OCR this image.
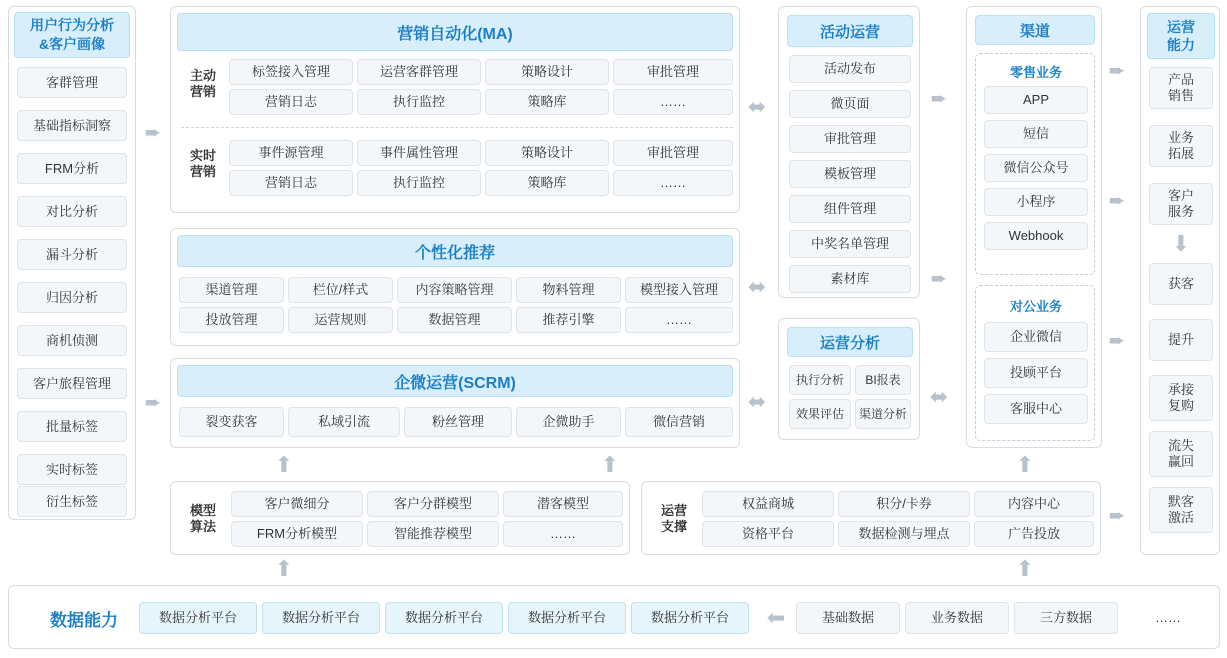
用户行为分析
&客户画像
客群管理
基础指标洞察
FRM分析
对比分析
漏斗分析
归因分析
商机侦测
客户旅程管理
批量标签
实时标签
衍生标签
➨
➨
营销自动化(MA)
主动
营销
标签接入管理	运营客群管理	策略设计	审批管理
营销日志	执行监控	策略库	……
实时
营销
事件源管理	事件属性管理	策略设计	审批管理
营销日志	执行监控	策略库	……
个性化推荐
渠道管理	栏位/样式	内容策略管理	物料管理	模型接入管理
投放管理	运营规则	数据管理	推荐引擎	……
企微运营(SCRM)
裂变获客	私域引流	粉丝管理	企微助手	微信营销
模型
算法
客户微细分	客户分群模型	潜客模型
FRM分析模型	智能推荐模型	……
运营
支撑
权益商城	积分/卡券	内容中心
资格平台	数据检测与埋点	广告投放
⬆	⬆
⬆
⬆
⬆
⬌
⬌
⬌
活动运营
活动发布
微页面
审批管理
模板管理
组件管理
中奖名单管理
素材库
运营分析
执行分析 BI报表
效果评估 渠道分析
➨
➨
⬌
渠道
零售业务
APP
短信
微信公众号
小程序
Webhook
对公业务
企业微信
投顾平台
客服中心
➨
➨
➨
➨
运营
能力
产品
销售
业务
拓展
客户
服务
⬇
获客
提升
承接
复购
流失
赢回
默客
激活
数据能力	数据分析平台	数据分析平台	数据分析平台	数据分析平台	数据分析平台 ⬅	基础数据	业务数据	三方数据	……
